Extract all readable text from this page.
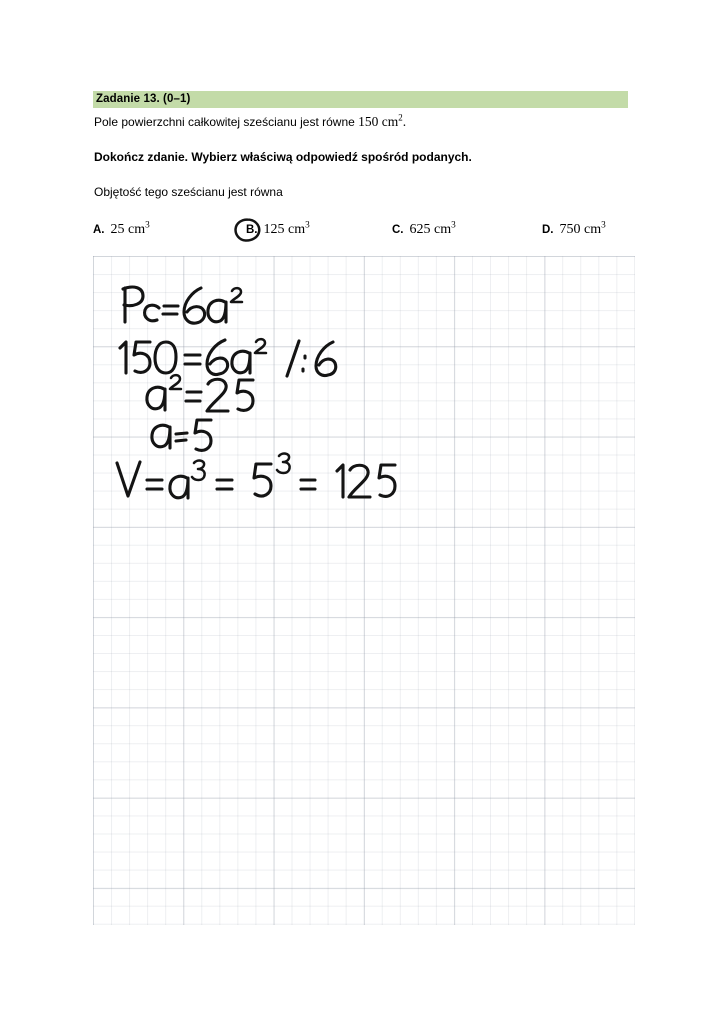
Zadanie 13. (0–1)
Pole powierzchni całkowitej sześcianu jest równe 150 $cm^2$.
Dokończ zdanie. Wybierz właściwą odpowiedź spośród podanych.
Objętość tego sześcianu jest równa
A. 25 $cm^3$	B. 125 $cm^3$	C. 625 $cm^3$	D. 750 $cm^3$
